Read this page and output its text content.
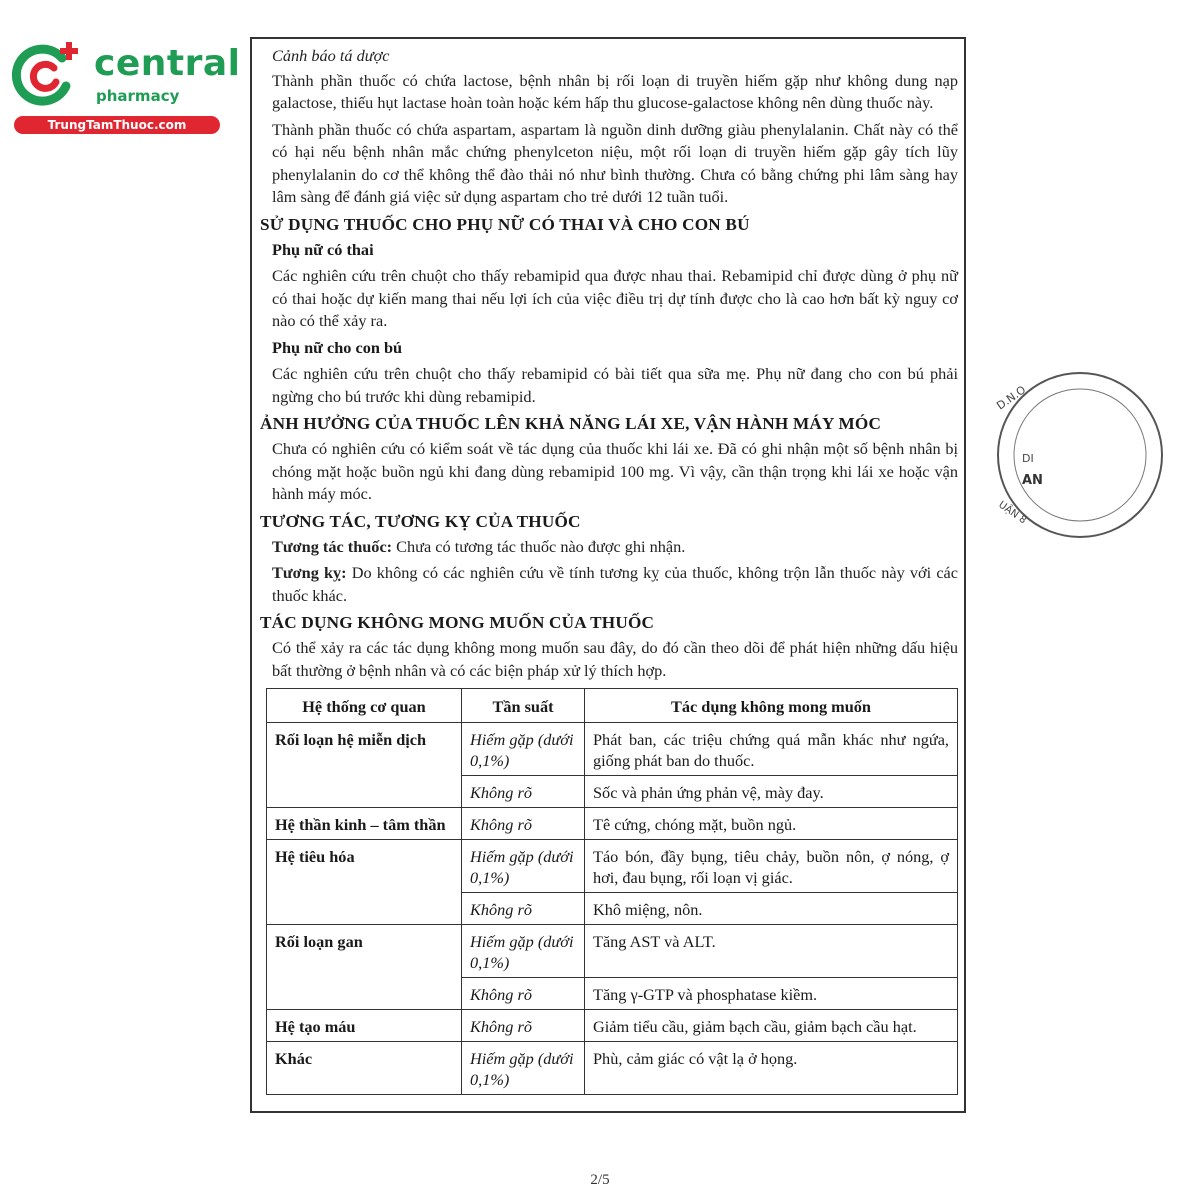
central
pharmacy
TrungTamThuoc.com
D.N.O
DI
AN
UẬN 8

Cảnh báo tá dược

Thành phần thuốc có chứa lactose, bệnh nhân bị rối loạn di truyền hiếm gặp như không dung nạp galactose, thiếu hụt lactase hoàn toàn hoặc kém hấp thu glucose-galactose không nên dùng thuốc này.

Thành phần thuốc có chứa aspartam, aspartam là nguồn dinh dưỡng giàu phenylalanin. Chất này có thể có hại nếu bệnh nhân mắc chứng phenylceton niệu, một rối loạn di truyền hiếm gặp gây tích lũy phenylalanin do cơ thể không thể đào thải nó như bình thường. Chưa có bằng chứng phi lâm sàng hay lâm sàng để đánh giá việc sử dụng aspartam cho trẻ dưới 12 tuần tuổi.

SỬ DỤNG THUỐC CHO PHỤ NỮ CÓ THAI VÀ CHO CON BÚ
Phụ nữ có thai

Các nghiên cứu trên chuột cho thấy rebamipid qua được nhau thai. Rebamipid chỉ được dùng ở phụ nữ có thai hoặc dự kiến mang thai nếu lợi ích của việc điều trị dự tính được cho là cao hơn bất kỳ nguy cơ nào có thể xảy ra.

Phụ nữ cho con bú

Các nghiên cứu trên chuột cho thấy rebamipid có bài tiết qua sữa mẹ. Phụ nữ đang cho con bú phải ngừng cho bú trước khi dùng rebamipid.

ẢNH HƯỞNG CỦA THUỐC LÊN KHẢ NĂNG LÁI XE, VẬN HÀNH MÁY MÓC

Chưa có nghiên cứu có kiểm soát về tác dụng của thuốc khi lái xe. Đã có ghi nhận một số bệnh nhân bị chóng mặt hoặc buồn ngủ khi đang dùng rebamipid 100 mg. Vì vậy, cần thận trọng khi lái xe hoặc vận hành máy móc.

TƯƠNG TÁC, TƯƠNG KỴ CỦA THUỐC

Tương tác thuốc: Chưa có tương tác thuốc nào được ghi nhận.

Tương kỵ: Do không có các nghiên cứu về tính tương kỵ của thuốc, không trộn lẫn thuốc này với các thuốc khác.

TÁC DỤNG KHÔNG MONG MUỐN CỦA THUỐC

Có thể xảy ra các tác dụng không mong muốn sau đây, do đó cần theo dõi để phát hiện những dấu hiệu bất thường ở bệnh nhân và có các biện pháp xử lý thích hợp.

Hệ thống cơ quan	Tần suất	Tác dụng không mong muốn
Rối loạn hệ miễn dịch	Hiếm gặp (dưới 0,1%)	Phát ban, các triệu chứng quá mẫn khác như ngứa, giống phát ban do thuốc.
	Không rõ	Sốc và phản ứng phản vệ, mày đay.
Hệ thần kinh – tâm thần	Không rõ	Tê cứng, chóng mặt, buồn ngủ.
Hệ tiêu hóa	Hiếm gặp (dưới 0,1%)	Táo bón, đầy bụng, tiêu chảy, buồn nôn, ợ nóng, ợ hơi, đau bụng, rối loạn vị giác.
	Không rõ	Khô miệng, nôn.
Rối loạn gan	Hiếm gặp (dưới 0,1%)	Tăng AST và ALT.
	Không rõ	Tăng γ-GTP và phosphatase kiềm.
Hệ tạo máu	Không rõ	Giảm tiểu cầu, giảm bạch cầu, giảm bạch cầu hạt.
Khác	Hiếm gặp (dưới 0,1%)	Phù, cảm giác có vật lạ ở họng.
2/5
